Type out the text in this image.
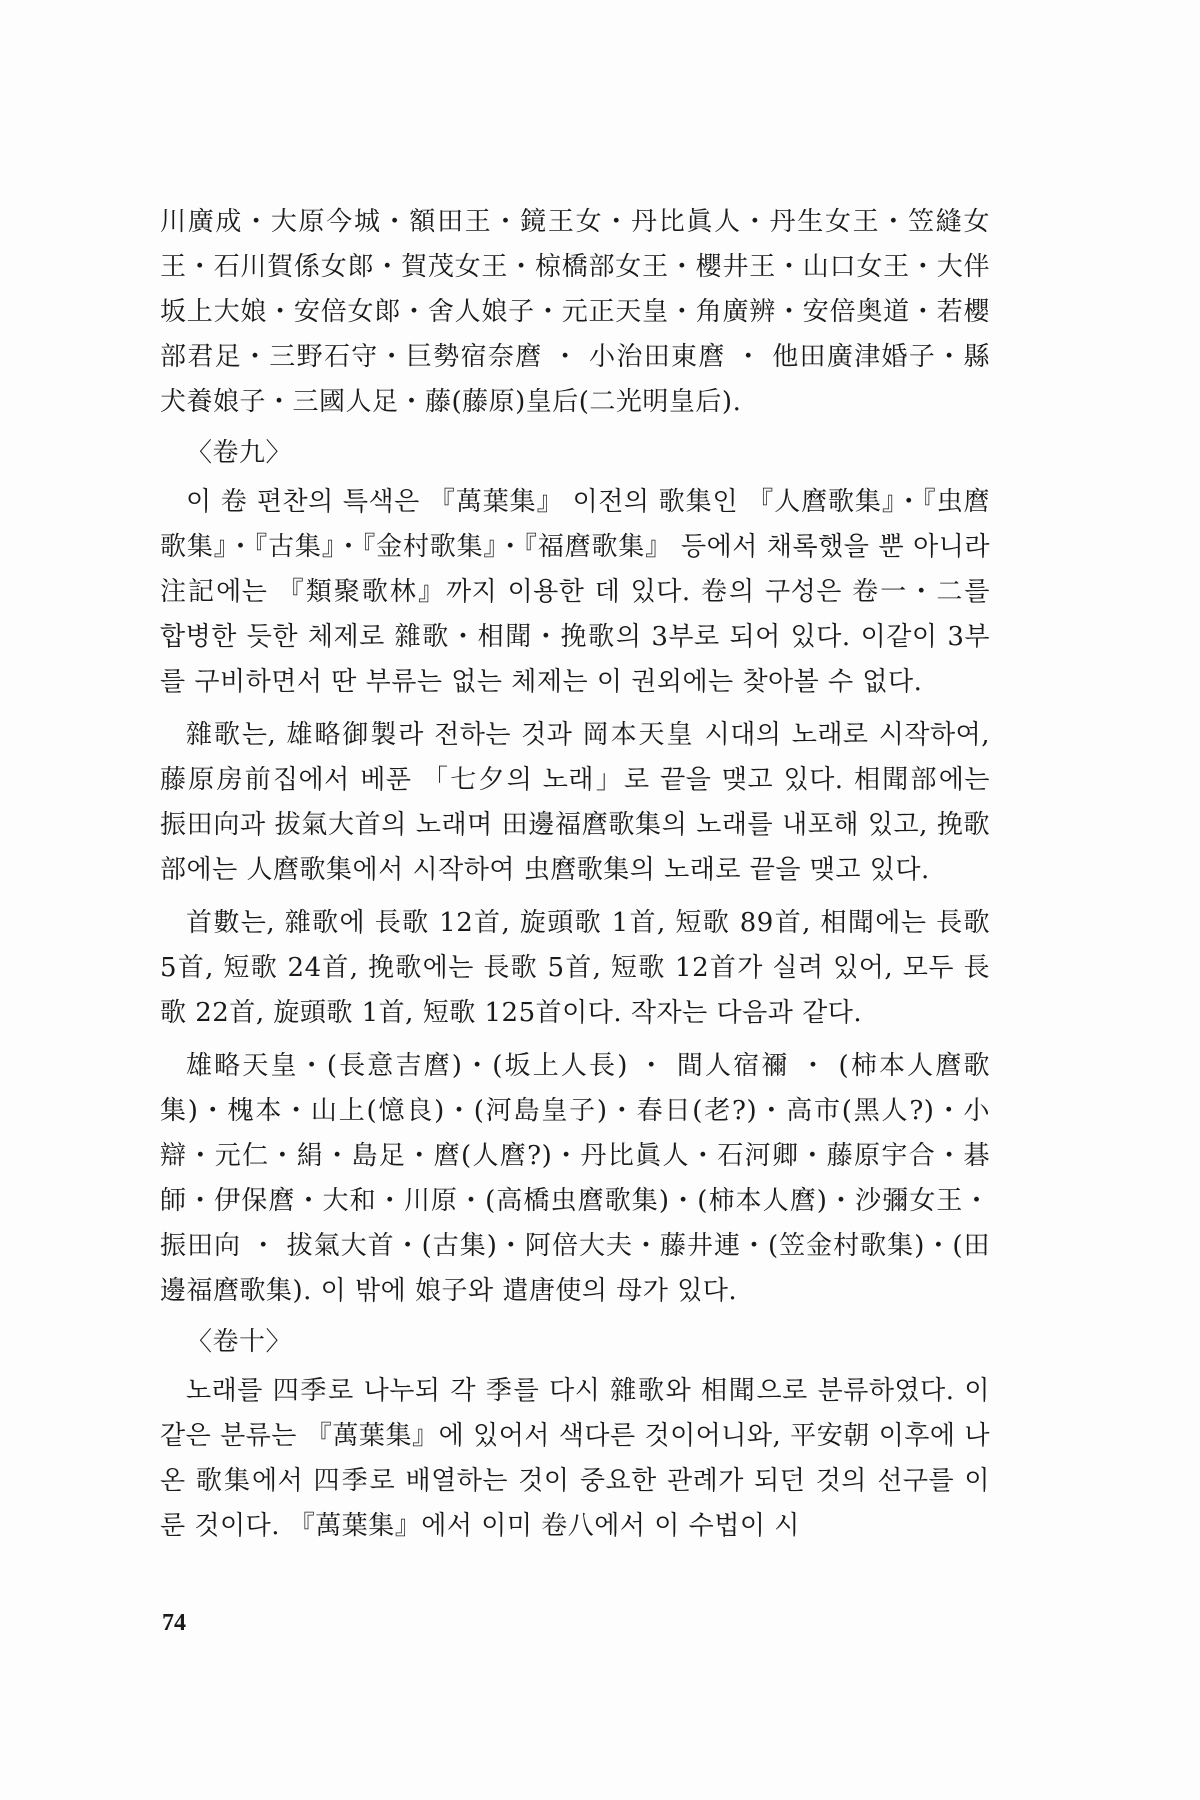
川廣成・大原今城・額田王・鏡王女・丹比眞人・丹生女王・笠縫女王・石川賀係女郞・賀茂女王・椋橋部女王・櫻井王・山口女王・大伴坂上大娘・安倍女郞・舍人娘子・元正天皇・角廣辨・安倍奥道・若櫻部君足・三野石守・巨勢宿奈麿 ・ 小治田東麿 ・ 他田廣津婚子・縣犬養娘子・三國人足・藤(藤原)皇后(二光明皇后).

〈卷九〉

이 卷 편찬의 특색은 『萬葉集』 이전의 歌集인 『人麿歌集』・『虫麿歌集』・『古集』・『金村歌集』・『福麿歌集』 등에서 채록했을 뿐 아니라 注記에는 『類聚歌林』까지 이용한 데 있다. 卷의 구성은 卷一・二를 합병한 듯한 체제로 雜歌・相聞・挽歌의 3부로 되어 있다. 이같이 3부를 구비하면서 딴 부류는 없는 체제는 이 권외에는 찾아볼 수 없다.

雜歌는, 雄略御製라 전하는 것과 岡本天皇 시대의 노래로 시작하여, 藤原房前집에서 베푼 「七夕의 노래」로 끝을 맺고 있다. 相聞部에는 振田向과 拔氣大首의 노래며 田邊福麿歌集의 노래를 내포해 있고, 挽歌部에는 人麿歌集에서 시작하여 虫麿歌集의 노래로 끝을 맺고 있다.

首數는, 雜歌에 長歌 12首, 旋頭歌 1首, 短歌 89首, 相聞에는 長歌 5首, 短歌 24首, 挽歌에는 長歌 5首, 短歌 12首가 실려 있어, 모두 長歌 22首, 旋頭歌 1首, 短歌 125首이다. 작자는 다음과 같다.

雄略天皇・(長意吉麿)・(坂上人長) ・ 間人宿禰 ・ (柿本人麿歌集)・槐本・山上(憶良)・(河島皇子)・春日(老?)・高市(黑人?)・小辯・元仁・絹・島足・麿(人麿?)・丹比眞人・石河卿・藤原宇合・碁師・伊保麿・大和・川原・(高橋虫麿歌集)・(柿本人麿)・沙彌女王・振田向 ・ 拔氣大首・(古集)・阿倍大夫・藤井連・(笠金村歌集)・(田邊福麿歌集). 이 밖에 娘子와 遣唐使의 母가 있다.

〈卷十〉

노래를 四季로 나누되 각 季를 다시 雜歌와 相聞으로 분류하였다. 이같은 분류는 『萬葉集』에 있어서 색다른 것이어니와, 平安朝 이후에 나온 歌集에서 四季로 배열하는 것이 중요한 관례가 되던 것의 선구를 이룬 것이다. 『萬葉集』에서 이미 卷八에서 이 수법이 시

74
